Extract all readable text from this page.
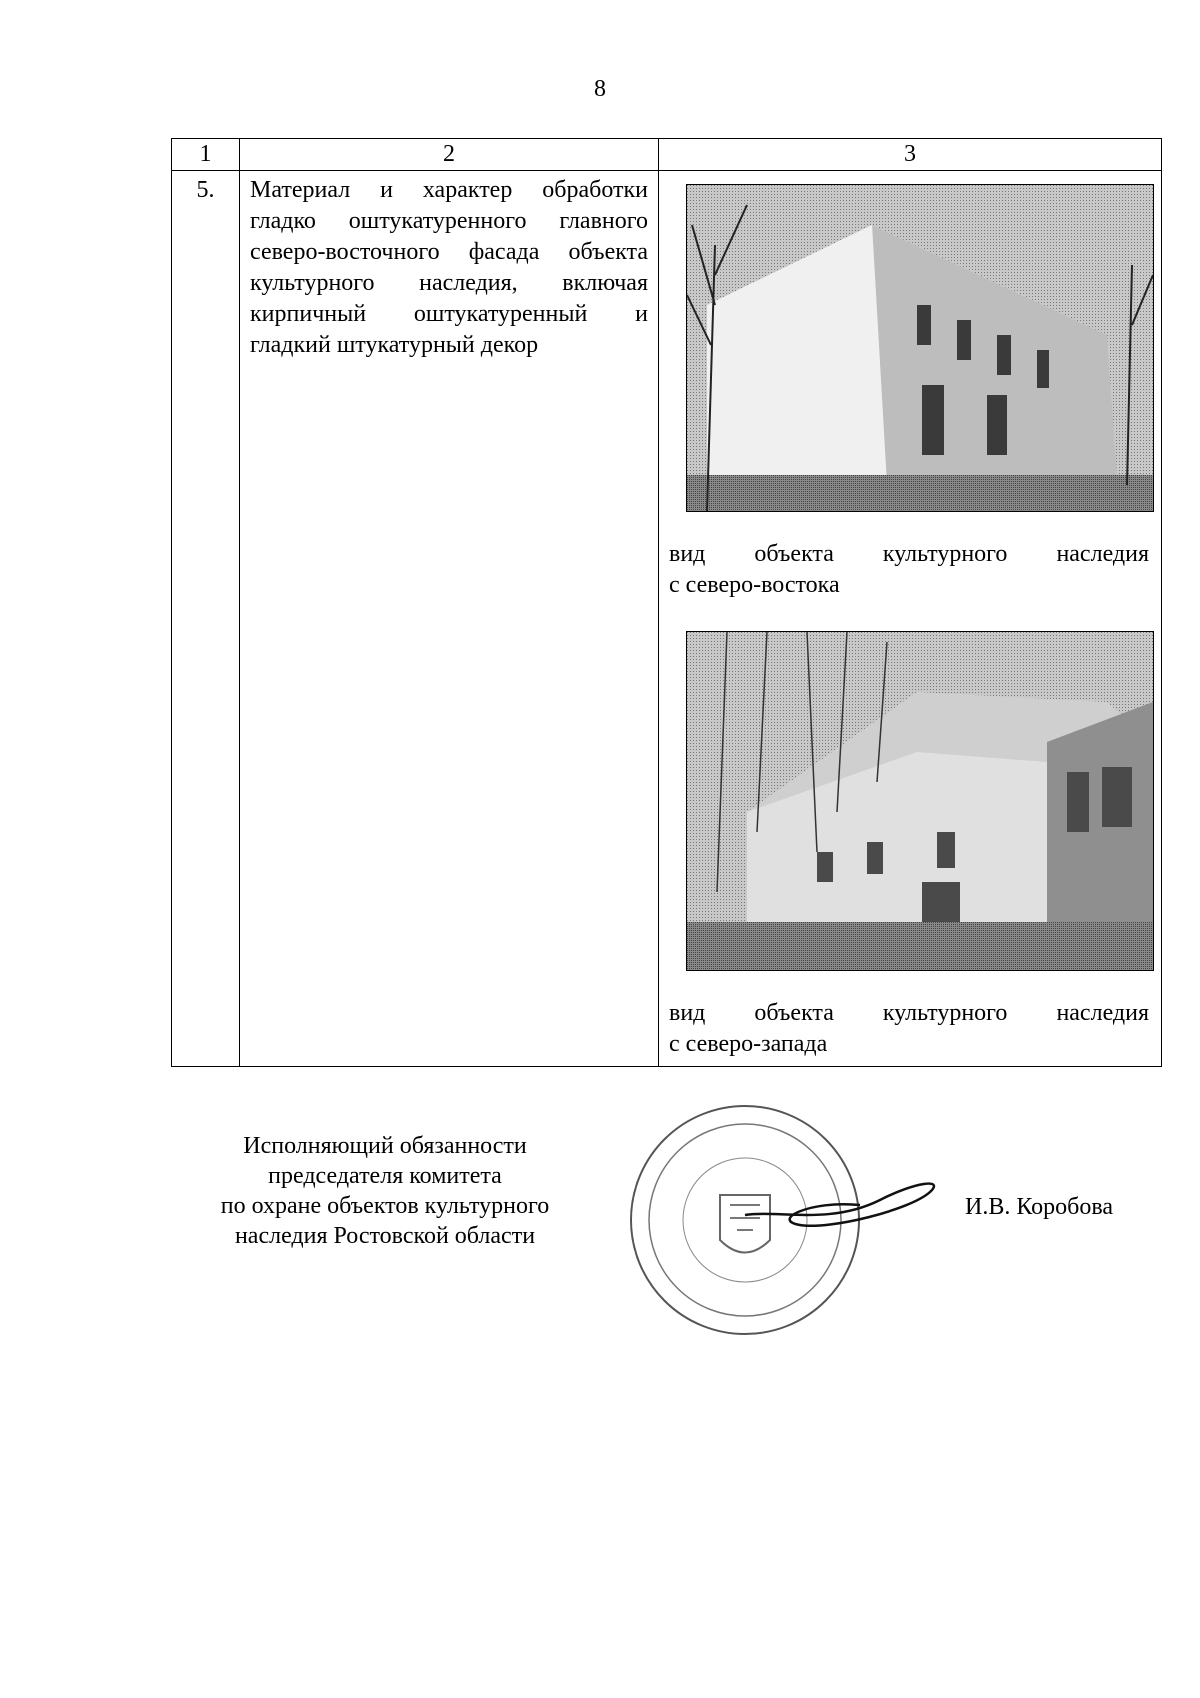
8
1	2	3
5.	Материал и характер обработки гладко оштукатуренного главного северо-восточного фасада объекта культурного наследия, включая кирпичный оштукатуренный и гладкий штукатурный декор	вид объекта культурного наследия
с северо-востока
вид объекта культурного наследия
с северо-запада
Исполняющий обязанности
председателя комитета
по охране объектов культурного
наследия Ростовской области
И.В. Коробова
